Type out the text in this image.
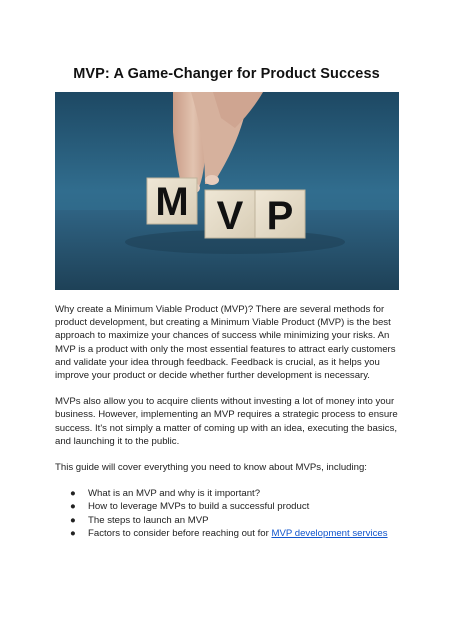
MVP: A Game-Changer for Product Success
M V P

Why create a Minimum Viable Product (MVP)? There are several methods for product development, but creating a Minimum Viable Product (MVP) is the best approach to maximize your chances of success while minimizing your risks. An MVP is a product with only the most essential features to attract early customers and validate your idea through feedback. Feedback is crucial, as it helps you improve your product or decide whether further development is necessary.

MVPs also allow you to acquire clients without investing a lot of money into your business. However, implementing an MVP requires a strategic process to ensure success. It's not simply a matter of coming up with an idea, executing the basics, and launching it to the public.

This guide will cover everything you need to know about MVPs, including:

● What is an MVP and why is it important?
● How to leverage MVPs to build a successful product
● The steps to launch an MVP
● Factors to consider before reaching out for MVP development services
